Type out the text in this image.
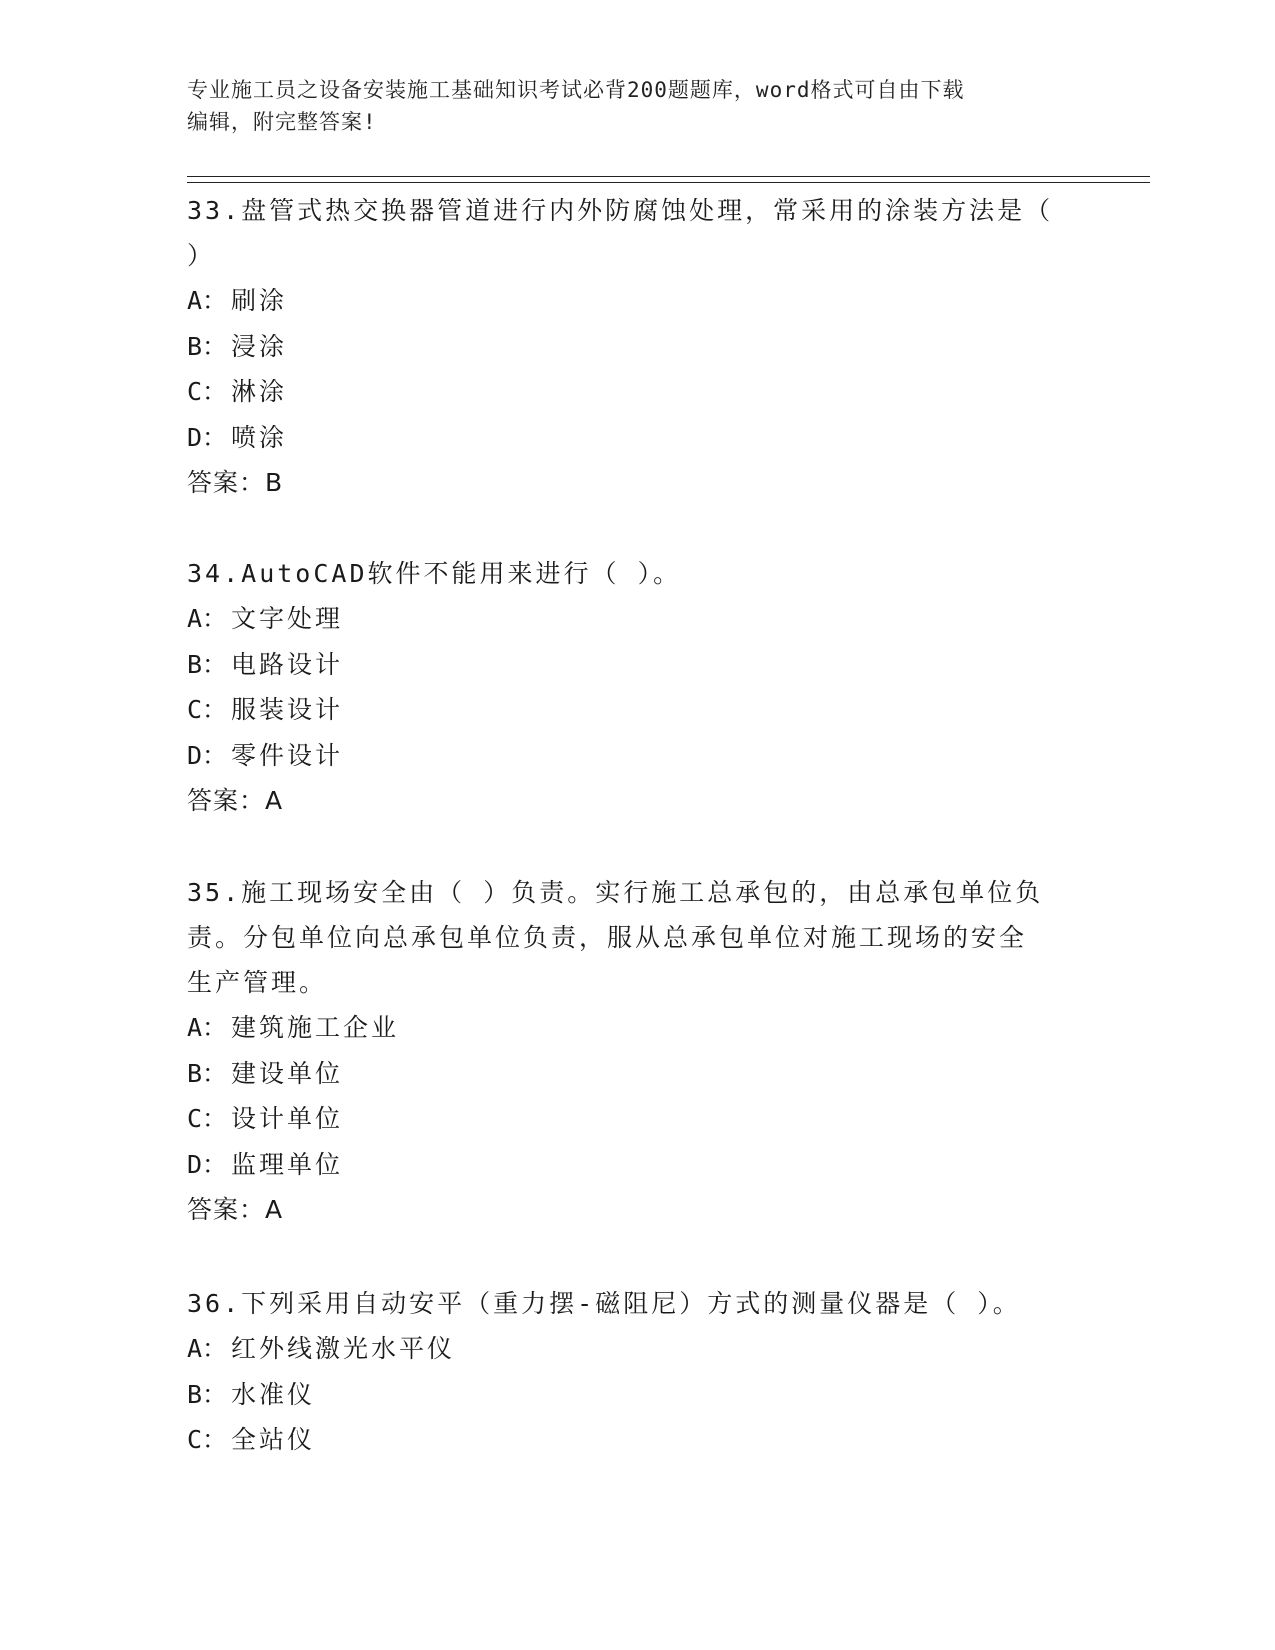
专业施工员之设备安装施工基础知识考试必背200题题库，word格式可自由下载
编辑，附完整答案!
33.盘管式热交换器管道进行内外防腐蚀处理，常采用的涂装方法是（
）
A： 刷涂
B： 浸涂
C： 淋涂
D： 喷涂
答案：B
34.AutoCAD软件不能用来进行（ ）。
A： 文字处理
B： 电路设计
C： 服装设计
D： 零件设计
答案：A
35.施工现场安全由（ ）负责。实行施工总承包的，由总承包单位负
责。分包单位向总承包单位负责，服从总承包单位对施工现场的安全
生产管理。
A： 建筑施工企业
B： 建设单位
C： 设计单位
D： 监理单位
答案：A
36.下列采用自动安平（重力摆-磁阻尼）方式的测量仪器是（ ）。
A： 红外线激光水平仪
B： 水准仪
C： 全站仪
